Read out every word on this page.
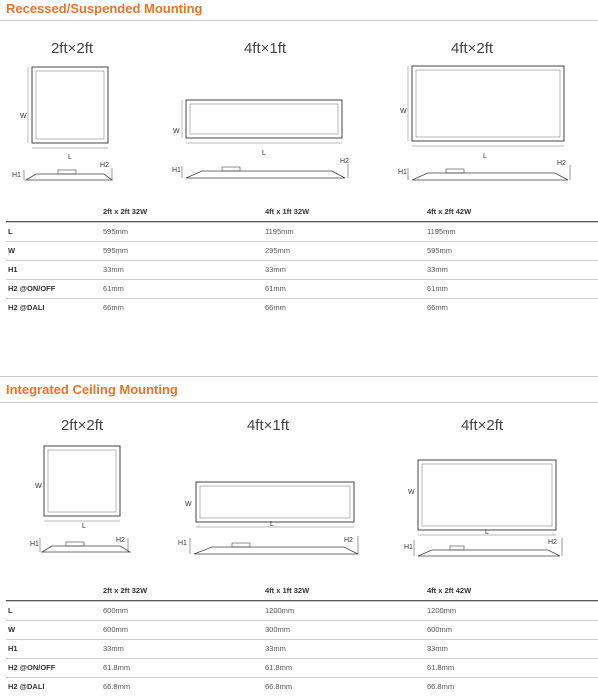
Recessed/Suspended Mounting
2ft×2ft	4ft×1ft	4ft×2ft
W
L
H1
H2
W
L
H1
H2
W
L
H1
H2
2ft x 2ft 32W	4ft x 1ft 32W	4ft x 2ft 42W
L	595mm	1195mm	1195mm
W	595mm	295mm	595mm
H1	33mm	33mm	33mm
H2 @ON/OFF	61mm	61mm	61mm
H2 @DALI	66mm	66mm	66mm
Integrated Ceiling Mounting
2ft×2ft	4ft×1ft	4ft×2ft
W
L
H1
H2
W
L
H1	H2
W
L
H1
H2
2ft x 2ft 32W	4ft x 1ft 32W	4ft x 2ft 42W
L	600mm	1200mm	1200mm
W	600mm	300mm	600mm
H1	33mm	33mm	33mm
H2 @ON/OFF	61.8mm	61.8mm	61.8mm
H2 @DALI	66.8mm	66.8mm	66.8mm
